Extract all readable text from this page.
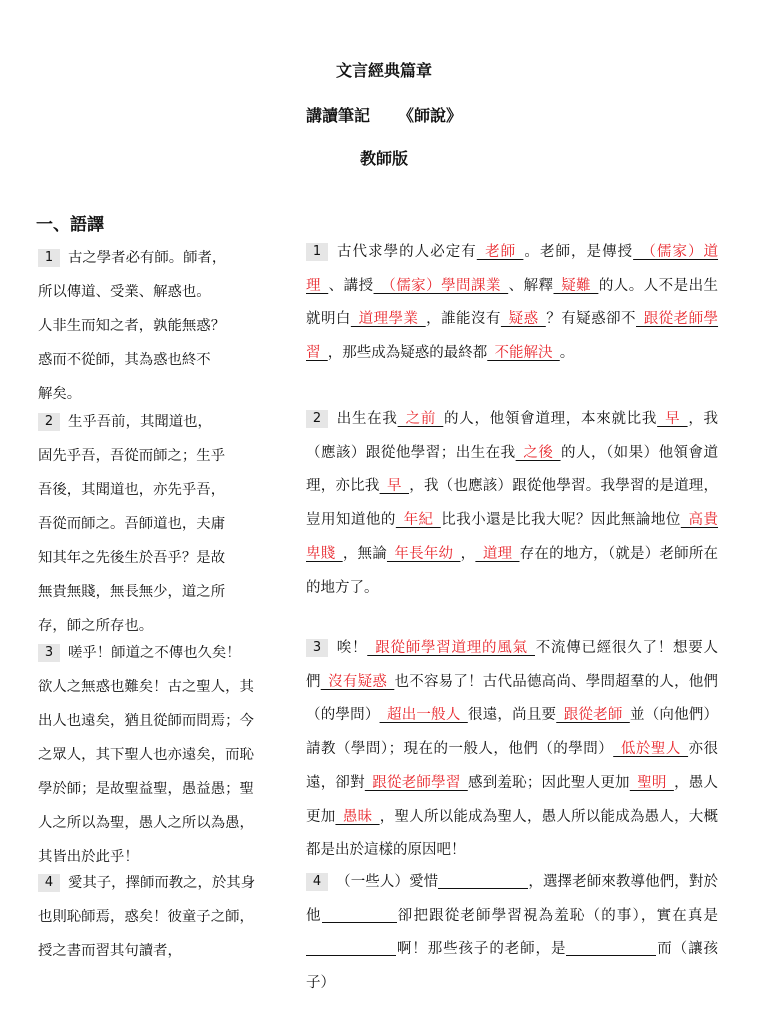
文言經典篇章
講讀筆記 《師說》
教師版
一、語譯
1 古之學者必有師。師者，
所以傳道、受業、解惑也。
人非生而知之者，孰能無惑？
惑而不從師，其為惑也終不
解矣。
2 生乎吾前，其聞道也，
固先乎吾，吾從而師之；生乎
吾後，其聞道也，亦先乎吾，
吾從而師之。吾師道也，夫庸
知其年之先後生於吾乎？是故
無貴無賤，無長無少，道之所
存，師之所存也。
3 嗟乎！師道之不傳也久矣！
欲人之無惑也難矣！古之聖人，其
出人也遠矣，猶且從師而問焉；今
之眾人，其下聖人也亦遠矣，而恥
學於師；是故聖益聖，愚益愚；聖
人之所以為聖，愚人之所以為愚，
其皆出於此乎！
4 愛其子，擇師而教之，於其身
也則恥師焉，惑矣！彼童子之師，
授之書而習其句讀者，
1 古代求學的人必定有 老師 。老師，是傳授 （儒家）道理 、講授 （儒家）學問課業 、解釋 疑難 的人。人不是出生就明白 道理學業 ，誰能沒有 疑惑 ？有疑惑卻不 跟從老師學習 ，那些成為疑惑的最終都 不能解決 。
2 出生在我 之前 的人，他領會道理，本來就比我 早 ，我（應該）跟從他學習；出生在我 之後 的人，（如果）他領會道理，亦比我 早 ，我（也應該）跟從他學習。我學習的是道理，豈用知道他的 年紀 比我小還是比我大呢？因此無論地位 高貴卑賤 ，無論 年長年幼 ， 道理 存在的地方，（就是）老師所在的地方了。
3 唉！ 跟從師學習道理的風氣 不流傳已經很久了！想要人們 沒有疑惑 也不容易了！古代品德高尚、學問超羣的人，他們（的學問） 超出一般人 很遠，尚且要 跟從老師 並（向他們）請教（學問）；現在的一般人，他們（的學問） 低於聖人 亦很遠，卻對 跟從老師學習 感到羞恥；因此聖人更加 聖明 ，愚人更加 愚昧 ，聖人所以能成為聖人，愚人所以能成為愚人，大概都是出於這樣的原因吧！
4 （一些人）愛惜	，選擇老師來教導他們，對於他	卻把跟從老師學習視為羞恥（的事），實在真是啊！那些孩子的老師，是	而（讓孩子）
